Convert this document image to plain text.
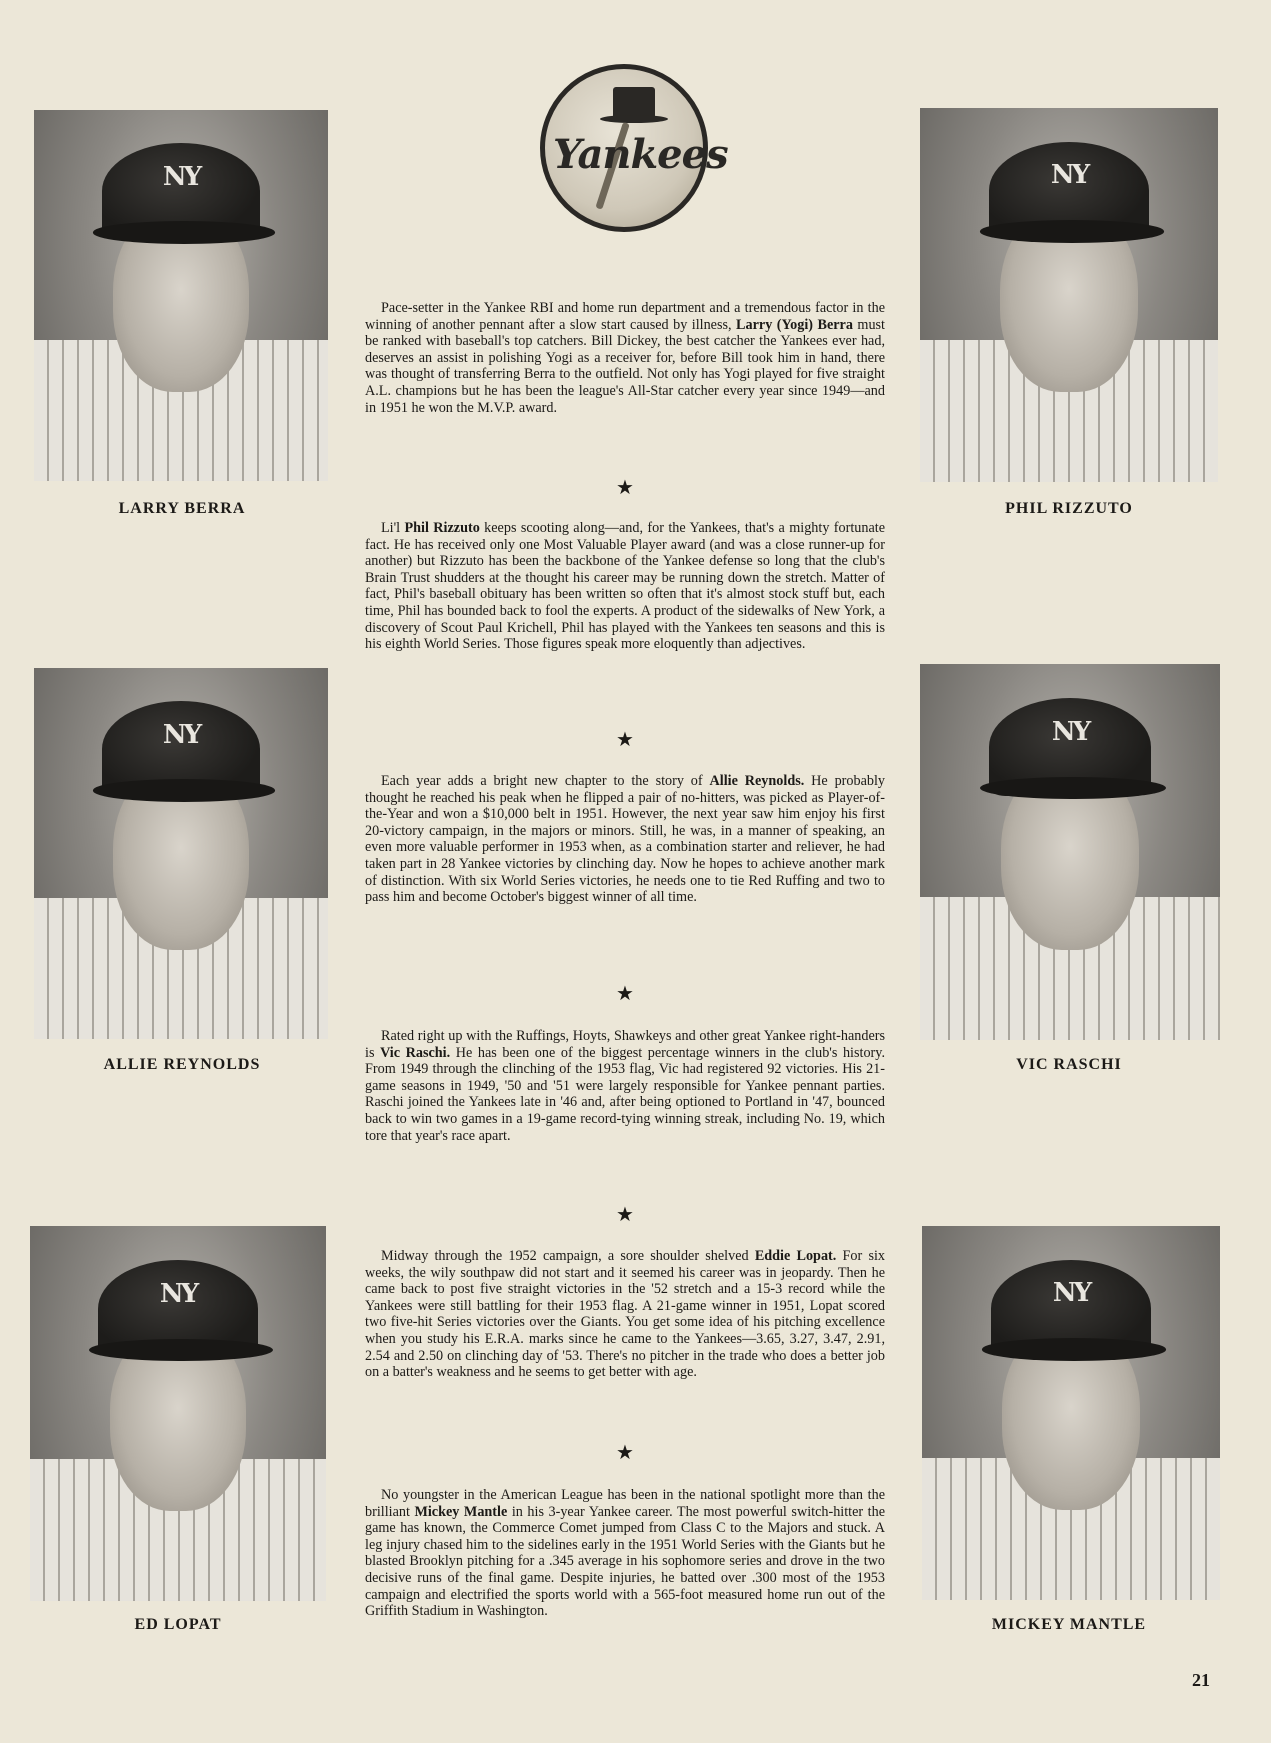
Yankees
NY
LARRY BERRA
NY
ALLIE REYNOLDS
NY
ED LOPAT
NY
PHIL RIZZUTO
NY
VIC RASCHI
NY
MICKEY MANTLE
Pace-setter in the Yankee RBI and home run department and a tremendous factor in the winning of another pennant after a slow start caused by illness, Larry (Yogi) Berra must be ranked with baseball's top catchers. Bill Dickey, the best catcher the Yankees ever had, deserves an assist in polishing Yogi as a receiver for, before Bill took him in hand, there was thought of transferring Berra to the outfield. Not only has Yogi played for five straight A.L. champions but he has been the league's All-Star catcher every year since 1949—and in 1951 he won the M.V.P. award.
★
Li'l Phil Rizzuto keeps scooting along—and, for the Yankees, that's a mighty fortunate fact. He has received only one Most Valuable Player award (and was a close runner-up for another) but Rizzuto has been the backbone of the Yankee defense so long that the club's Brain Trust shudders at the thought his career may be running down the stretch. Matter of fact, Phil's baseball obituary has been written so often that it's almost stock stuff but, each time, Phil has bounded back to fool the experts. A product of the sidewalks of New York, a discovery of Scout Paul Krichell, Phil has played with the Yankees ten seasons and this is his eighth World Series. Those figures speak more eloquently than adjectives.
★
Each year adds a bright new chapter to the story of Allie Reynolds. He probably thought he reached his peak when he flipped a pair of no-hitters, was picked as Player-of-the-Year and won a $10,000 belt in 1951. However, the next year saw him enjoy his first 20-victory campaign, in the majors or minors. Still, he was, in a manner of speaking, an even more valuable performer in 1953 when, as a combination starter and reliever, he had taken part in 28 Yankee victories by clinching day. Now he hopes to achieve another mark of distinction. With six World Series victories, he needs one to tie Red Ruffing and two to pass him and become October's biggest winner of all time.
★
Rated right up with the Ruffings, Hoyts, Shawkeys and other great Yankee right-handers is Vic Raschi. He has been one of the biggest percentage winners in the club's history. From 1949 through the clinching of the 1953 flag, Vic had registered 92 victories. His 21-game seasons in 1949, '50 and '51 were largely responsible for Yankee pennant parties. Raschi joined the Yankees late in '46 and, after being optioned to Portland in '47, bounced back to win two games in a 19-game record-tying winning streak, including No. 19, which tore that year's race apart.
★
Midway through the 1952 campaign, a sore shoulder shelved Eddie Lopat. For six weeks, the wily southpaw did not start and it seemed his career was in jeopardy. Then he came back to post five straight victories in the '52 stretch and a 15-3 record while the Yankees were still battling for their 1953 flag. A 21-game winner in 1951, Lopat scored two five-hit Series victories over the Giants. You get some idea of his pitching excellence when you study his E.R.A. marks since he came to the Yankees—3.65, 3.27, 3.47, 2.91, 2.54 and 2.50 on clinching day of '53. There's no pitcher in the trade who does a better job on a batter's weakness and he seems to get better with age.
★
No youngster in the American League has been in the national spotlight more than the brilliant Mickey Mantle in his 3-year Yankee career. The most powerful switch-hitter the game has known, the Commerce Comet jumped from Class C to the Majors and stuck. A leg injury chased him to the sidelines early in the 1951 World Series with the Giants but he blasted Brooklyn pitching for a .345 average in his sophomore series and drove in the two decisive runs of the final game. Despite injuries, he batted over .300 most of the 1953 campaign and electrified the sports world with a 565-foot measured home run out of the Griffith Stadium in Washington.
21
